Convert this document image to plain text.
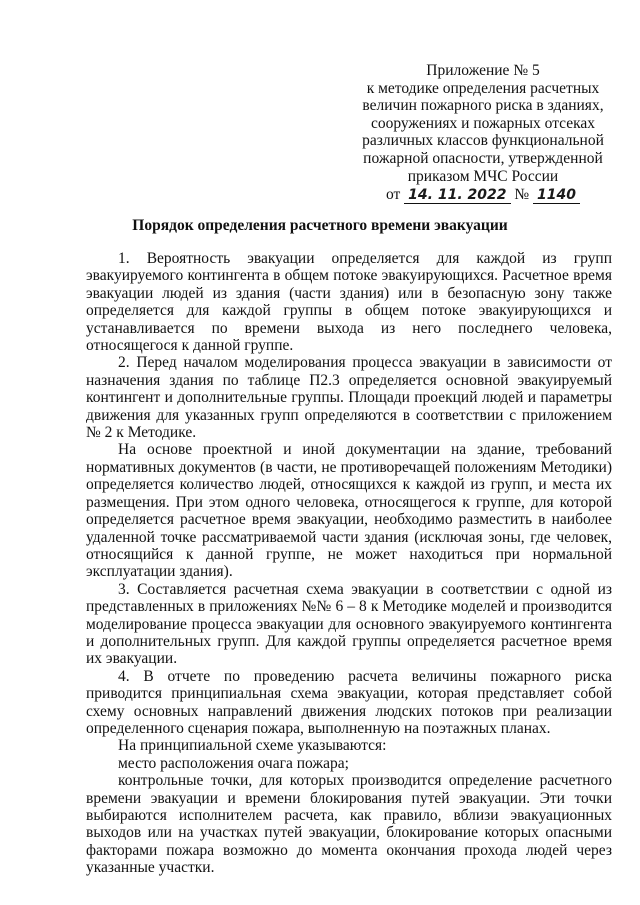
Приложение № 5
к методике определения расчетных
величин пожарного риска в зданиях,
сооружениях и пожарных отсеках
различных классов функциональной
пожарной опасности, утвержденной
приказом МЧС России
от 14. 11. 2022 № 1140
Порядок определения расчетного времени эвакуации

1. Вероятность эвакуации определяется для каждой из групп эвакуируемого контингента в общем потоке эвакуирующихся. Расчетное время эвакуации людей из здания (части здания) или в безопасную зону также определяется для каждой группы в общем потоке эвакуирующихся и устанавливается по времени выхода из него последнего человека, относящегося к данной группе.

2. Перед началом моделирования процесса эвакуации в зависимости от назначения здания по таблице П2.3 определяется основной эвакуируемый контингент и дополнительные группы. Площади проекций людей и параметры движения для указанных групп определяются в соответствии с приложением № 2 к Методике.

На основе проектной и иной документации на здание, требований нормативных документов (в части, не противоречащей положениям Методики) определяется количество людей, относящихся к каждой из групп, и места их размещения. При этом одного человека, относящегося к группе, для которой определяется расчетное время эвакуации, необходимо разместить в наиболее удаленной точке рассматриваемой части здания (исключая зоны, где человек, относящийся к данной группе, не может находиться при нормальной эксплуатации здания).

3. Составляется расчетная схема эвакуации в соответствии с одной из представленных в приложениях №№ 6 – 8 к Методике моделей и производится моделирование процесса эвакуации для основного эвакуируемого контингента и дополнительных групп. Для каждой группы определяется расчетное время их эвакуации.

4. В отчете по проведению расчета величины пожарного риска приводится принципиальная схема эвакуации, которая представляет собой схему основных направлений движения людских потоков при реализации определенного сценария пожара, выполненную на поэтажных планах.

На принципиальной схеме указываются:

место расположения очага пожара;

контрольные точки, для которых производится определение расчетного времени эвакуации и времени блокирования путей эвакуации. Эти точки выбираются исполнителем расчета, как правило, вблизи эвакуационных выходов или на участках путей эвакуации, блокирование которых опасными факторами пожара возможно до момента окончания прохода людей через указанные участки.
